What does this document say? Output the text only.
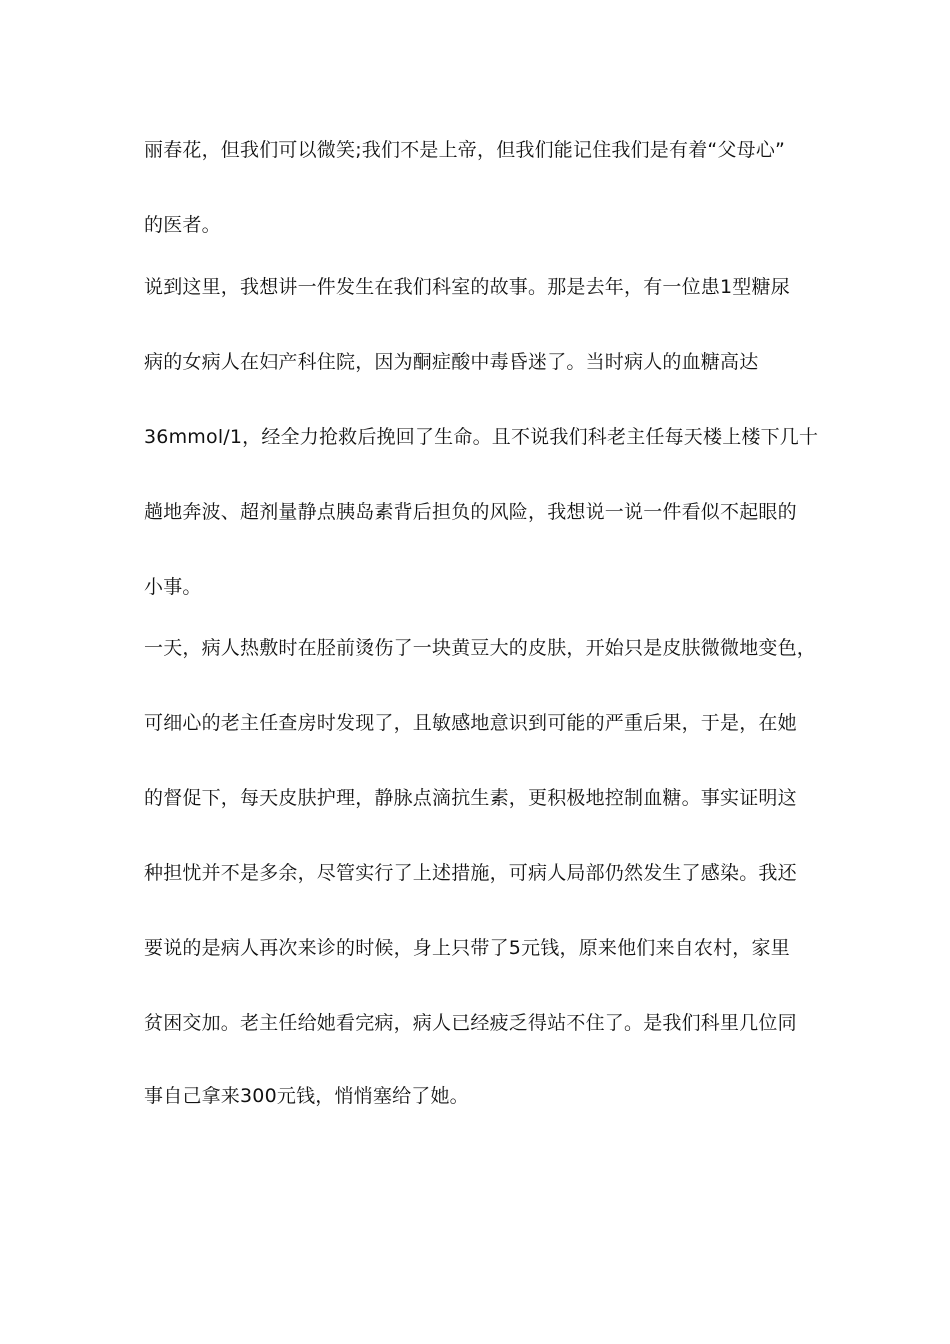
丽春花，但我们可以微笑;我们不是上帝，但我们能记住我们是有着“父母心”
的医者。
说到这里，我想讲一件发生在我们科室的故事。那是去年，有一位患1型糖尿
病的女病人在妇产科住院，因为酮症酸中毒昏迷了。当时病人的血糖高达
36mmol/1，经全力抢救后挽回了生命。且不说我们科老主任每天楼上楼下几十
趟地奔波、超剂量静点胰岛素背后担负的风险，我想说一说一件看似不起眼的
小事。
一天，病人热敷时在胫前烫伤了一块黄豆大的皮肤，开始只是皮肤微微地变色，
可细心的老主任查房时发现了，且敏感地意识到可能的严重后果，于是，在她
的督促下，每天皮肤护理，静脉点滴抗生素，更积极地控制血糖。事实证明这
种担忧并不是多余，尽管实行了上述措施，可病人局部仍然发生了感染。我还
要说的是病人再次来诊的时候，身上只带了5元钱，原来他们来自农村，家里
贫困交加。老主任给她看完病，病人已经疲乏得站不住了。是我们科里几位同
事自己拿来300元钱，悄悄塞给了她。
